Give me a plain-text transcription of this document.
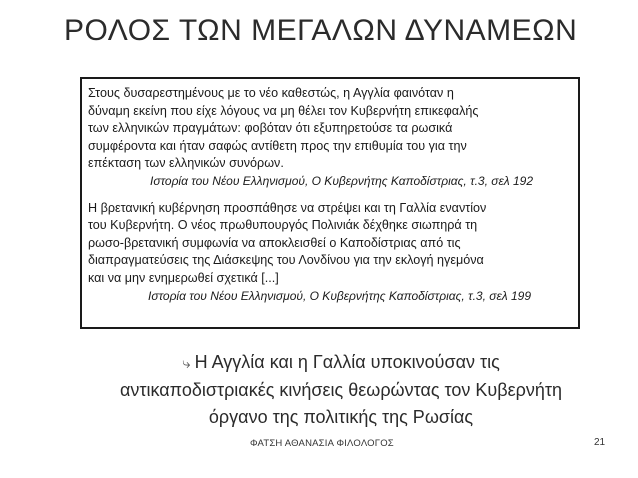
ΡΟΛΟΣ ΤΩΝ ΜΕΓΑΛΩΝ ΔΥΝΑΜΕΩΝ

Στους δυσαρεστημένους με το νέο καθεστώς, η Αγγλία φαινόταν η

δύναμη εκείνη που είχε λόγους να μη θέλει τον Κυβερνήτη επικεφαλής

των ελληνικών πραγμάτων: φοβόταν ότι εξυπηρετούσε τα ρωσικά

συμφέροντα και ήταν σαφώς αντίθετη προς την επιθυμία του για την

επέκταση των ελληνικών συνόρων.

Ιστορία του Νέου Ελληνισμού, Ο Κυβερνήτης Καποδίστριας, τ.3, σελ 192

Η βρετανική κυβέρνηση προσπάθησε να στρέψει και τη Γαλλία εναντίον

του Κυβερνήτη. Ο νέος πρωθυπουργός Πολινιάκ δέχθηκε σιωπηρά τη

ρωσο-βρετανική συμφωνία να αποκλεισθεί ο Καποδίστριας από τις

διαπραγματεύσεις της Διάσκεψης του Λονδίνου για την εκλογή ηγεμόνα

και να μην ενημερωθεί σχετικά [...]

Ιστορία του Νέου Ελληνισμού, Ο Κυβερνήτης Καποδίστριας, τ.3, σελ 199

⤷ Η Αγγλία και η Γαλλία υποκινούσαν τις
αντικαποδιστριακές κινήσεις θεωρώντας τον Κυβερνήτη
όργανο της πολιτικής της Ρωσίας
ΦΑΤΣΗ ΑΘΑΝΑΣΙΑ ΦΙΛΟΛΟΓΟΣ	21
